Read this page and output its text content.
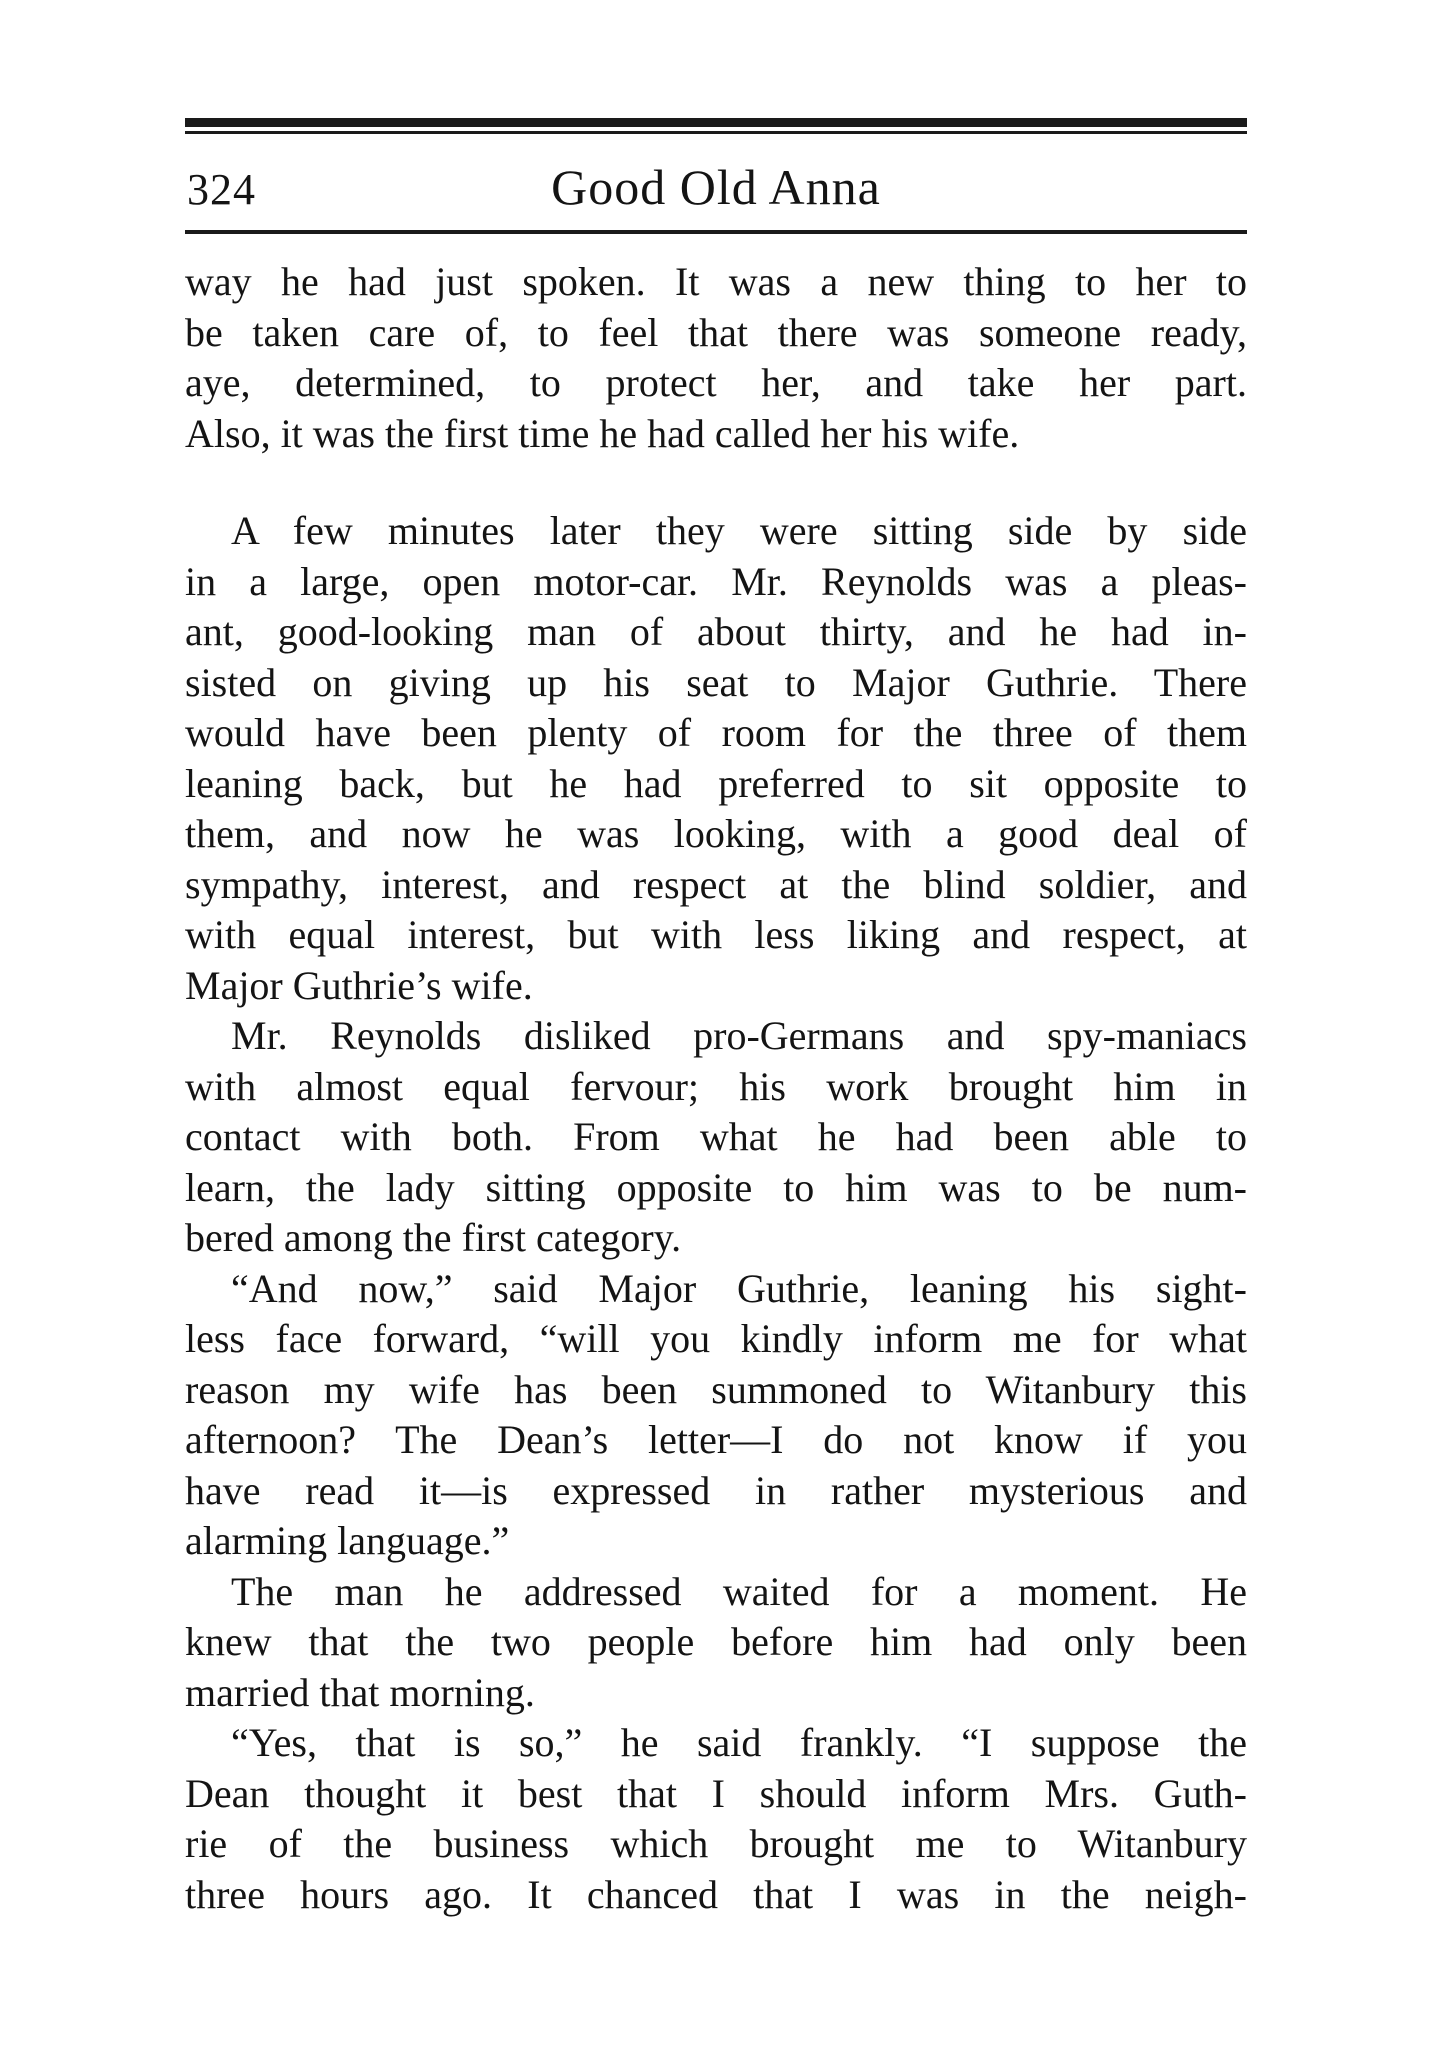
324	Good Old Anna
way he had just spoken. It was a new thing to her to
be taken care of, to feel that there was someone ready,
aye, determined, to protect her, and take her part.
Also, it was the first time he had called her his wife.
A few minutes later they were sitting side by side
in a large, open motor-car. Mr. Reynolds was a pleas-
ant, good-looking man of about thirty, and he had in-
sisted on giving up his seat to Major Guthrie. There
would have been plenty of room for the three of them
leaning back, but he had preferred to sit opposite to
them, and now he was looking, with a good deal of
sympathy, interest, and respect at the blind soldier, and
with equal interest, but with less liking and respect, at
Major Guthrie’s wife.
Mr. Reynolds disliked pro-Germans and spy-maniacs
with almost equal fervour; his work brought him in
contact with both. From what he had been able to
learn, the lady sitting opposite to him was to be num-
bered among the first category.
“And now,” said Major Guthrie, leaning his sight-
less face forward, “will you kindly inform me for what
reason my wife has been summoned to Witanbury this
afternoon? The Dean’s letter—I do not know if you
have read it—is expressed in rather mysterious and
alarming language.”
The man he addressed waited for a moment. He
knew that the two people before him had only been
married that morning.
“Yes, that is so,” he said frankly. “I suppose the
Dean thought it best that I should inform Mrs. Guth-
rie of the business which brought me to Witanbury
three hours ago. It chanced that I was in the neigh-
